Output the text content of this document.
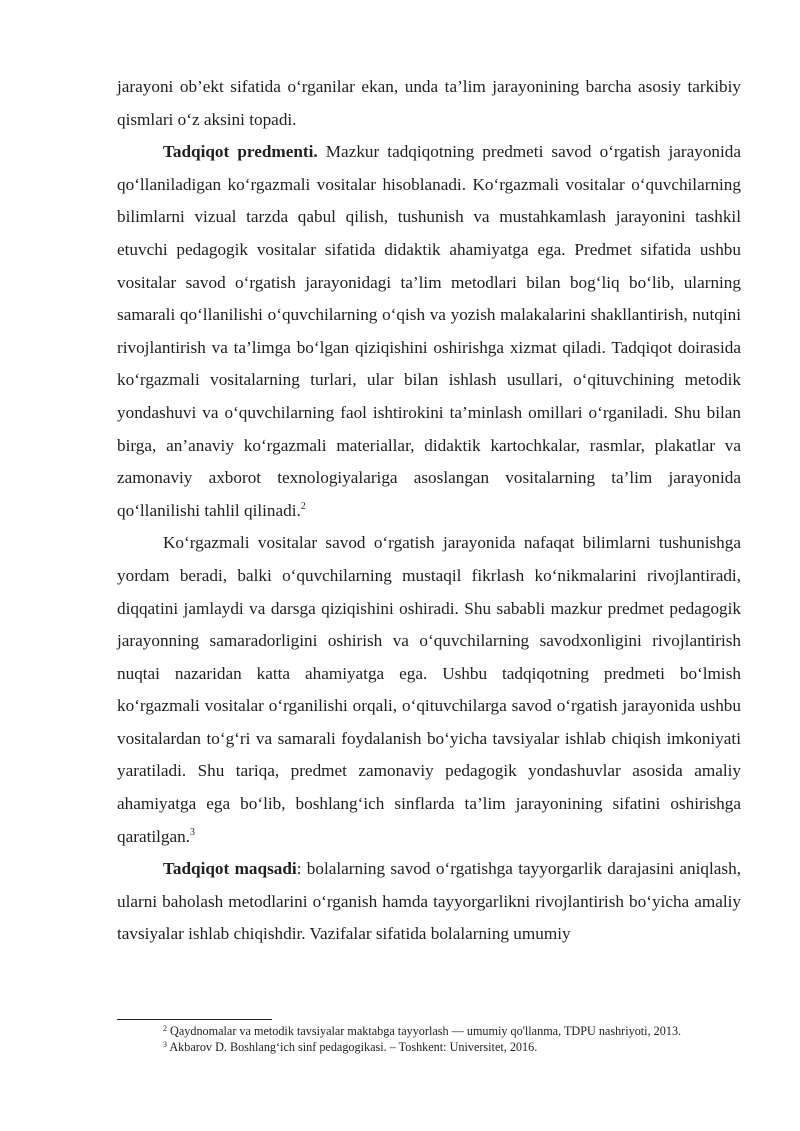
jarayoni ob’ekt sifatida o‘rganilar ekan, unda ta’lim jarayonining barcha asosiy tarkibiy qismlari o‘z aksini topadi.

Tadqiqot predmenti. Mazkur tadqiqotning predmeti savod o‘rgatish jarayonida qo‘llaniladigan ko‘rgazmali vositalar hisoblanadi. Ko‘rgazmali vositalar o‘quvchilarning bilimlarni vizual tarzda qabul qilish, tushunish va mustahkamlash jarayonini tashkil etuvchi pedagogik vositalar sifatida didaktik ahamiyatga ega. Predmet sifatida ushbu vositalar savod o‘rgatish jarayonidagi ta’lim metodlari bilan bog‘liq bo‘lib, ularning samarali qo‘llanilishi o‘quvchilarning o‘qish va yozish malakalarini shakllantirish, nutqini rivojlantirish va ta’limga bo‘lgan qiziqishini oshirishga xizmat qiladi. Tadqiqot doirasida ko‘rgazmali vositalarning turlari, ular bilan ishlash usullari, o‘qituvchining metodik yondashuvi va o‘quvchilarning faol ishtirokini ta’minlash omillari o‘rganiladi. Shu bilan birga, an’anaviy ko‘rgazmali materiallar, didaktik kartochkalar, rasmlar, plakatlar va zamonaviy axborot texnologiyalariga asoslangan vositalarning ta’lim jarayonida qo‘llanilishi tahlil qilinadi.$^2$

Ko‘rgazmali vositalar savod o‘rgatish jarayonida nafaqat bilimlarni tushunishga yordam beradi, balki o‘quvchilarning mustaqil fikrlash ko‘nikmalarini rivojlantiradi, diqqatini jamlaydi va darsga qiziqishini oshiradi. Shu sababli mazkur predmet pedagogik jarayonning samaradorligini oshirish va o‘quvchilarning savodxonligini rivojlantirish nuqtai nazaridan katta ahamiyatga ega. Ushbu tadqiqotning predmeti bo‘lmish ko‘rgazmali vositalar o‘rganilishi orqali, o‘qituvchilarga savod o‘rgatish jarayonida ushbu vositalardan to‘g‘ri va samarali foydalanish bo‘yicha tavsiyalar ishlab chiqish imkoniyati yaratiladi. Shu tariqa, predmet zamonaviy pedagogik yondashuvlar asosida amaliy ahamiyatga ega bo‘lib, boshlang‘ich sinflarda ta’lim jarayonining sifatini oshirishga qaratilgan.$^3$

Tadqiqot maqsadi: bolalarning savod o‘rgatishga tayyorgarlik darajasini aniqlash, ularni baholash metodlarini o‘rganish hamda tayyorgarlikni rivojlantirish bo‘yicha amaliy tavsiyalar ishlab chiqishdir. Vazifalar sifatida bolalarning umumiy

$^2$ Qaydnomalar va metodik tavsiyalar maktabga tayyorlash — umumiy qo'llanma, TDPU nashriyoti, 2013.
$^3$ Akbarov D. Boshlang‘ich sinf pedagogikasi. – Toshkent: Universitet, 2016.
